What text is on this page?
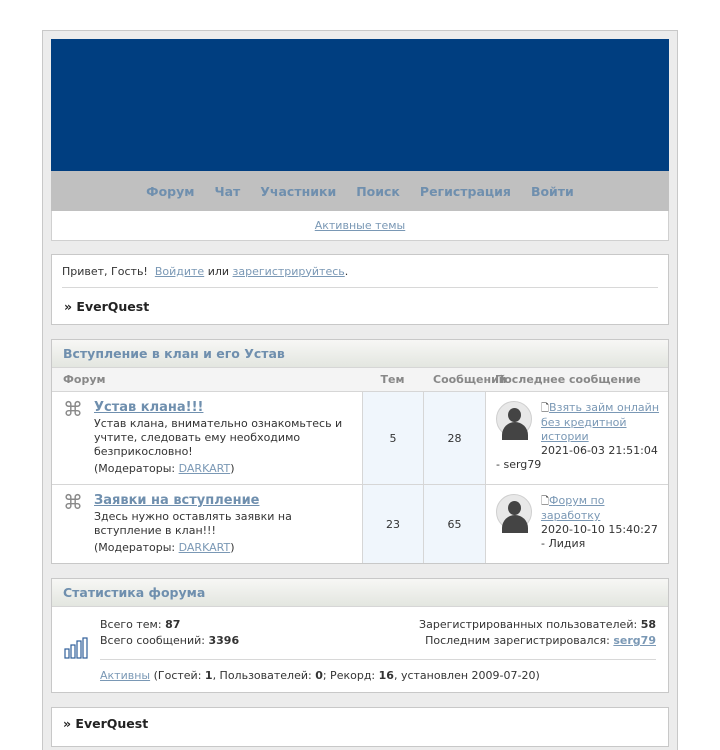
Форум Чат Участники Поиск Регистрация Войти
Активные темы
Привет, Гость!
Войдите
или
зарегистрируйтесь .
» EverQuest
Вступление в клан и его Устав
Форум	Тем	Сообщений
Последнее сообщение
⌘ Устав клана!!!
Устав клана, внимательно ознакомьтесь и учтите, следовать ему необходимо безприкословно!
(Модераторы: DARKART)
5	28
🗋Взять займ онлайн без кредитной истории
2021-06-03 21:51:04
- serg79
⌘ Заявки на вступление
Здесь нужно оставлять заявки на вступление в клан!!!
(Модераторы: DARKART)
23	65
🗋Форум по заработку
2020-10-10 15:40:27
- Лидия
Статистика форума
Всего тем: 87
Всего сообщений: 3396
Зарегистрированных пользователей: 58
Последним зарегистрировался: serg79
Активны (Гостей: 1, Пользователей: 0; Рекорд: 16, установлен 2009-07-20)
» EverQuest
